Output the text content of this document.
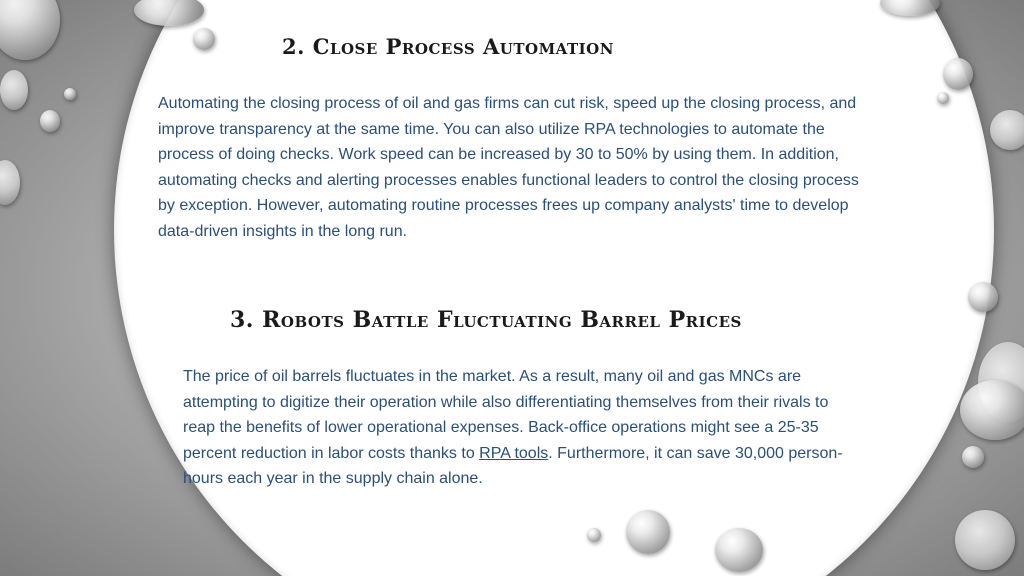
2. Close Process Automation

Automating the closing process of oil and gas firms can cut risk, speed up the closing process, and improve transparency at the same time. You can also utilize RPA technologies to automate the process of doing checks. Work speed can be increased by 30 to 50% by using them. In addition, automating checks and alerting processes enables functional leaders to control the closing process by exception. However, automating routine processes frees up company analysts' time to develop data-driven insights in the long run.

3. Robots Battle Fluctuating Barrel Prices

The price of oil barrels fluctuates in the market. As a result, many oil and gas MNCs are attempting to digitize their operation while also differentiating themselves from their rivals to reap the benefits of lower operational expenses. Back-office operations might see a 25-35 percent reduction in labor costs thanks to RPA tools. Furthermore, it can save 30,000 person-hours each year in the supply chain alone.
